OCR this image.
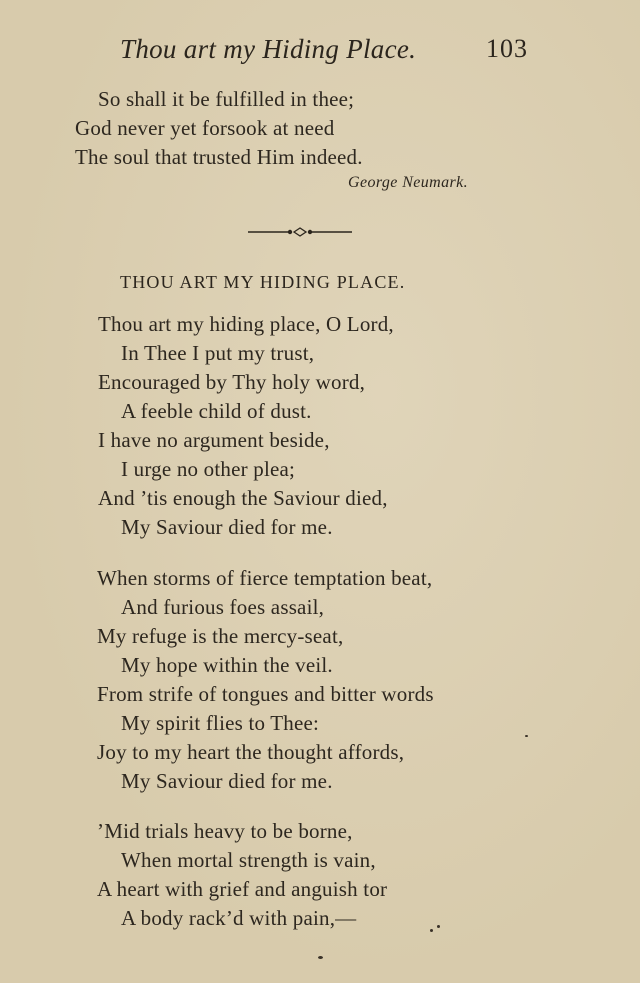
Thou art my Hiding Place.	103
So shall it be fulfilled in thee;
God never yet forsook at need
The soul that trusted Him indeed.
George Neumark.
THOU ART MY HIDING PLACE.
Thou art my hiding place, O Lord,
In Thee I put my trust,
Encouraged by Thy holy word,
A feeble child of dust.
I have no argument beside,
I urge no other plea;
And ’tis enough the Saviour died,
My Saviour died for me.
When storms of fierce temptation beat,
And furious foes assail,
My refuge is the mercy-seat,
My hope within the veil.
From strife of tongues and bitter words
My spirit flies to Thee:
Joy to my heart the thought affords,
My Saviour died for me.
’Mid trials heavy to be borne,
When mortal strength is vain,
A heart with grief and anguish tor
A body rack’d with pain,—
